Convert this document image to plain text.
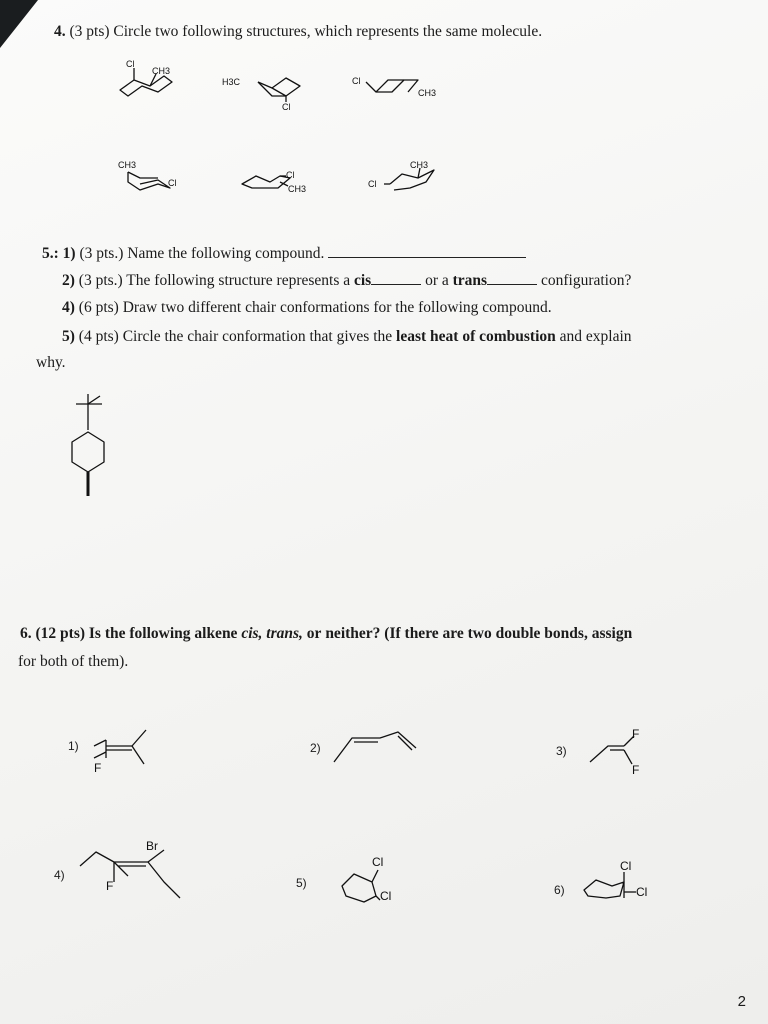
4. (3 pts) Circle two following structures, which represents the same molecule.
Cl
CH3
H3C
Cl
Cl
CH3
CH3
Cl
Cl
CH3	Cl
CH3
5.: 1) (3 pts.) Name the following compound.
2) (3 pts.) The following structure represents a cis	or a trans	configuration?
4) (6 pts) Draw two different chair conformations for the following compound.
5) (4 pts) Circle the chair conformation that gives the least heat of combustion and explain
why.
6. (12 pts) Is the following alkene cis, trans, or neither? (If there are two double bonds, assign
for both of them).
1)
F
2)	3)
F
F
4)
Br
F	5)
Cl
Cl	6)
Cl
Cl
2
